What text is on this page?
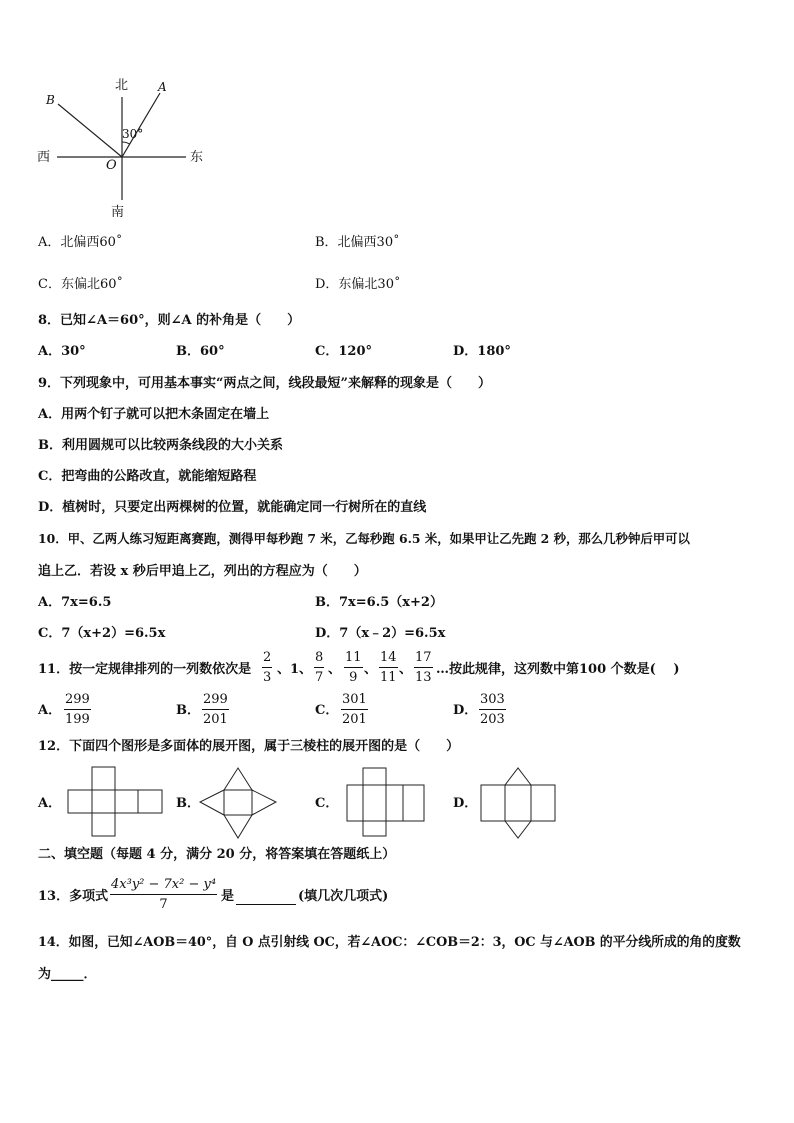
北
南
东
西
O
A
B
30°
A．北偏西60˚	B．北偏西30˚
C．东偏北60˚	D．东偏北30˚
8．已知∠A＝60°，则∠A 的补角是（　　）
A．30°	B．60°	C．120°	D．180°
9．下列现象中，可用基本事实“两点之间，线段最短”来解释的现象是（　　）
A．用两个钉子就可以把木条固定在墙上
B．利用圆规可以比较两条线段的大小关系
C．把弯曲的公路改直，就能缩短路程
D．植树时，只要定出两棵树的位置，就能确定同一行树所在的直线
10．甲、乙两人练习短距离赛跑，测得甲每秒跑 7 米，乙每秒跑 6.5 米，如果甲让乙先跑 2 秒，那么几秒钟后甲可以
追上乙．若设 x 秒后甲追上乙，列出的方程应为（　　）
A．7x=6.5	B．7x=6.5（x+2）
C．7（x+2）=6.5x	D．7（x﹣2）=6.5x
11．按一定规律排列的一列数依次是 $\frac{2}{3}$ 、1、 $\frac{8}{7}$ 、 $\frac{11}{9}$ 、 $\frac{14}{11}$ 、 $\frac{17}{13}$ …按此规律，这列数中第100 个数是(　 )
A． $\frac{299}{199}$	B． $\frac{299}{201}$	C． $\frac{301}{201}$	D． $\frac{303}{203}$
12．下面四个图形是多面体的展开图，属于三棱柱的展开图的是（　　）
A．	B．	C．	D．
二、填空题（每题 4 分，满分 20 分，将答案填在答题纸上）
13．多项式 $\frac{\text{4x³y² − 7x² − y⁴}}{7}$ 是	(填几次几项式)
14．如图，已知∠AOB＝40°，自 O 点引射线 OC，若∠AOC：∠COB＝2：3，OC 与∠AOB 的平分线所成的角的度数
为_____．
